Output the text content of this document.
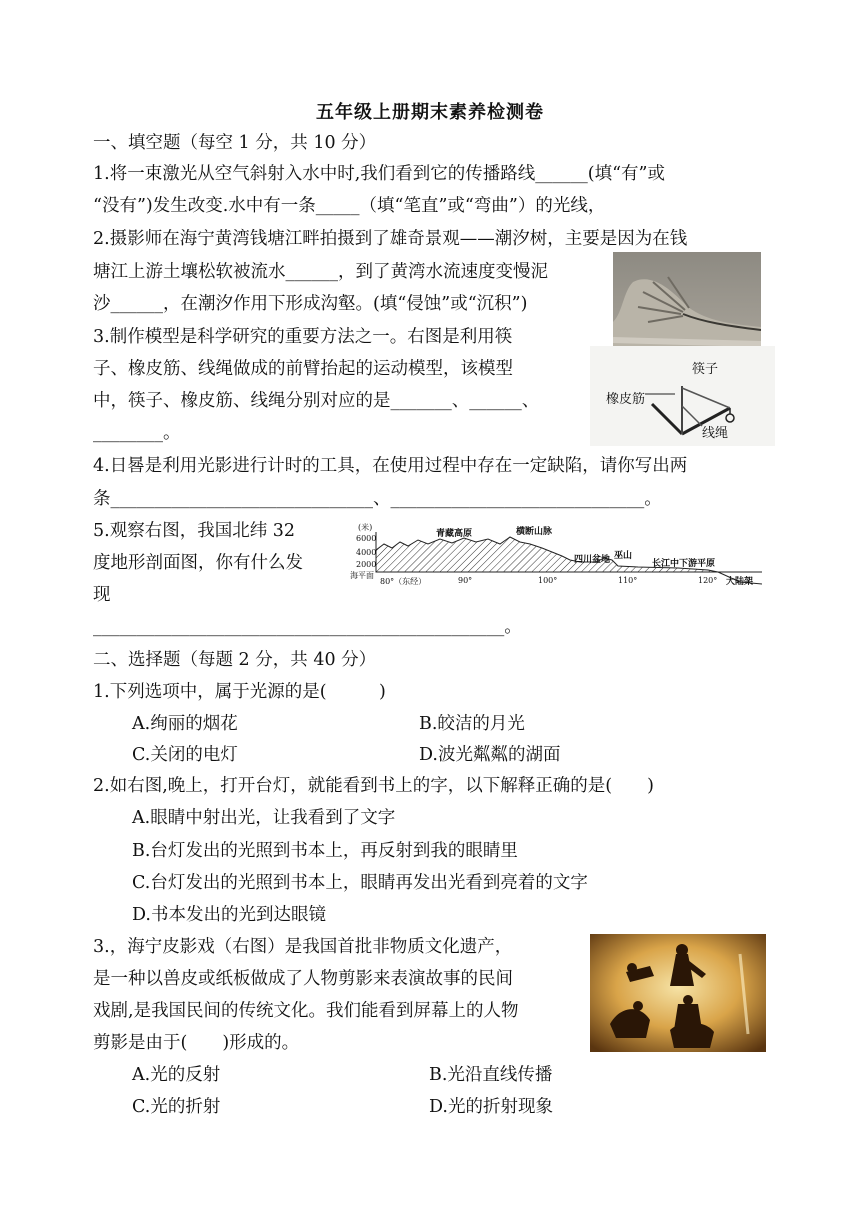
五年级上册期末素养检测卷
一、填空题（每空 1 分，共 10 分）
1.将一束激光从空气斜射入水中时,我们看到它的传播路线______(填“有”或
“没有”)发生改变.水中有一条_____（填“笔直”或“弯曲”）的光线，
2.摄影师在海宁黄湾钱塘江畔拍摄到了雄奇景观——潮汐树，主要是因为在钱
塘江上游土壤松软被流水______，到了黄湾水流速度变慢泥
沙______，在潮汐作用下形成沟壑。(填“侵蚀”或“沉积”)
3.制作模型是科学研究的重要方法之一。右图是利用筷
子、橡皮筋、线绳做成的前臂抬起的运动模型，该模型
中，筷子、橡皮筋、线绳分别对应的是_______、______、
________。
筷子
橡皮筋
线绳
4.日晷是利用光影进行计时的工具，在使用过程中存在一定缺陷，请你写出两
条______________________________、_____________________________。
5.观察右图，我国北纬 32
度地形剖面图，你有什么发
现
_______________________________________________。
(米)
6000
4000
2000
海平面
80°（东经）	90°	100°	110°	120°
青藏高原	横断山脉
四川盆地 巫山
长江中下游平原
大陆架
二、选择题（每题 2 分，共 40 分）
1.下列选项中，属于光源的是(　　　)
A.绚丽的烟花	B.皎洁的月光
C.关闭的电灯	D.波光粼粼的湖面
2.如右图,晚上，打开台灯，就能看到书上的字，以下解释正确的是(　　)
A.眼睛中射出光，让我看到了文字
B.台灯发出的光照到书本上，再反射到我的眼睛里
C.台灯发出的光照到书本上，眼睛再发出光看到亮着的文字
D.书本发出的光到达眼镜
3.，海宁皮影戏（右图）是我国首批非物质文化遗产，
是一种以兽皮或纸板做成了人物剪影来表演故事的民间
戏剧,是我国民间的传统文化。我们能看到屏幕上的人物
剪影是由于(　　)形成的。
A.光的反射	B.光沿直线传播
C.光的折射	D.光的折射现象
